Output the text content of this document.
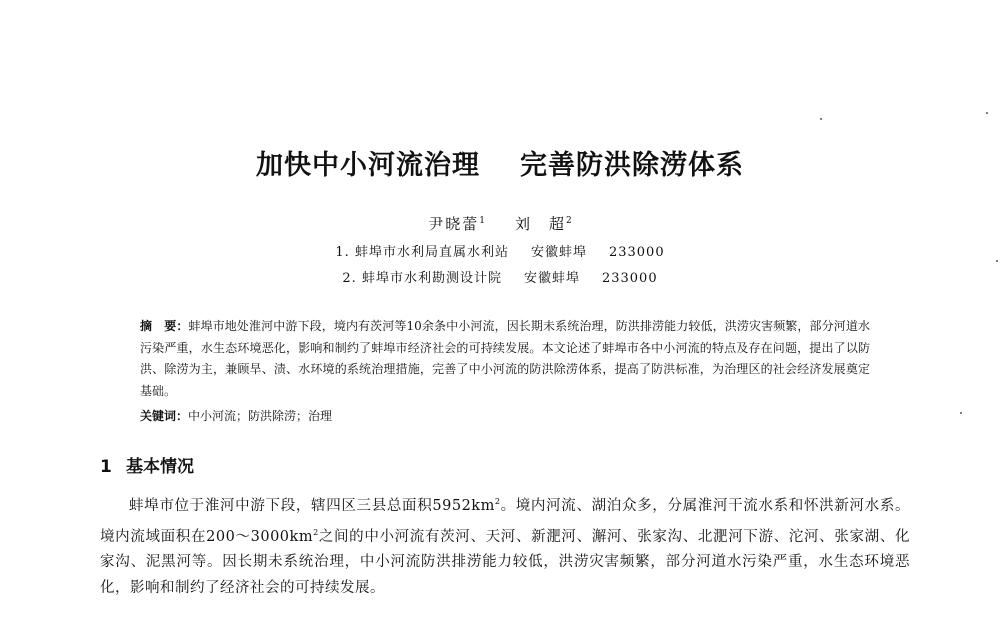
加快中小河流治理 完善防洪除涝体系
尹晓蕾$^1$ 刘　超$^2$
1. 蚌埠市水利局直属水利站 安徽蚌埠 233000
2. 蚌埠市水利勘测设计院 安徽蚌埠 233000
摘　要：蚌埠市地处淮河中游下段，境内有茨河等10余条中小河流，因长期未系统治理，防洪排涝能力较低，洪涝灾害频繁，部分河道水污染严重，水生态环境恶化，影响和制约了蚌埠市经济社会的可持续发展。本文论述了蚌埠市各中小河流的特点及存在问题，提出了以防洪、除涝为主，兼顾旱、渍、水环境的系统治理措施，完善了中小河流的防洪除涝体系，提高了防洪标准，为治理区的社会经济发展奠定基础。
关键词：中小河流；防洪除涝；治理
1 基本情况
蚌埠市位于淮河中游下段，辖四区三县总面积$5952km^2$。境内河流、湖泊众多，分属淮河干流水系和怀洪新河水系。境内流域面积在$200\sim 3000km^2$之间的中小河流有茨河、天河、新淝河、澥河、张家沟、北淝河下游、沱河、张家湖、化家沟、泥黑河等。因长期未系统治理，中小河流防洪排涝能力较低，洪涝灾害频繁，部分河道水污染严重，水生态环境恶化，影响和制约了经济社会的可持续发展。
